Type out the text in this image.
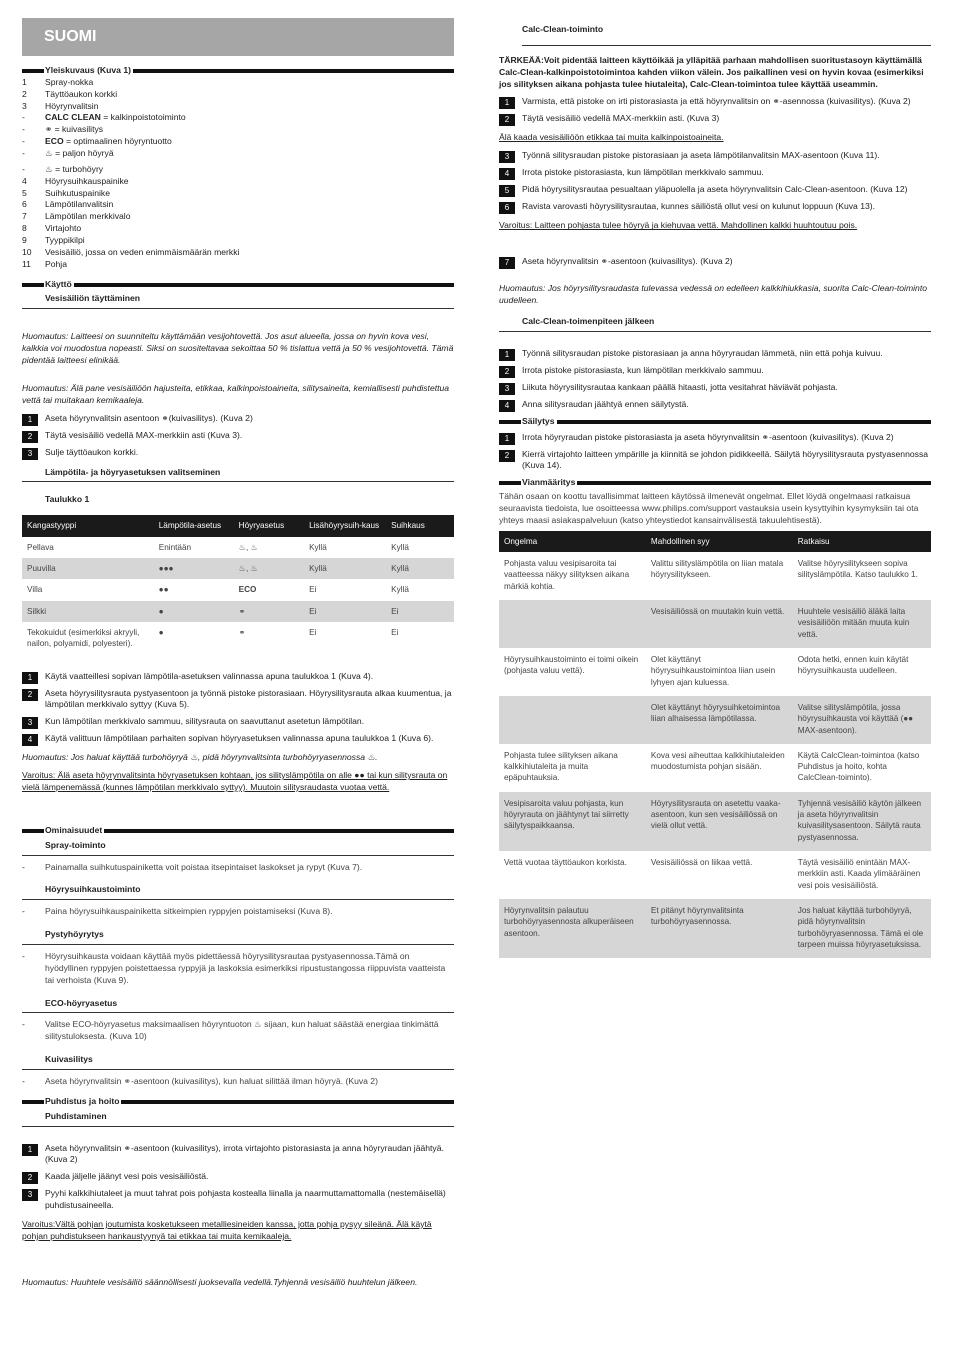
SUOMI
Yleiskuvaus (Kuva 1)
1	Spray-nokka
2	Täyttöaukon korkki
3	Höyrynvalitsin
-	CALC CLEAN = kalkinpoistotoiminto
-	⚭ = kuivasilitys
-	ECO = optimaalinen höyryntuotto
-	♨ = paljon höyryä
-	♨ = turbohöyry
4	Höyrysuihkauspainike
5	Suihkutuspainike
6	Lämpötilanvalitsin
7	Lämpötilan merkkivalo
8	Virtajohto
9	Tyyppikilpi
10	Vesisäiliö, jossa on veden enimmäismäärän merkki
11	Pohja
Käyttö
Vesisäiliön täyttäminen

Huomautus: Laitteesi on suunniteltu käyttämään vesijohtovettä. Jos asut alueella, jossa on hyvin kova vesi, kalkkia voi muodostua nopeasti. Siksi on suositeltavaa sekoittaa 50 % tislattua vettä ja 50 % vesijohtovettä. Tämä pidentää laitteesi elinikää.

Huomautus: Älä pane vesisäiliöön hajusteita, etikkaa, kalkinpoistoaineita, silitysaineita, kemiallisesti puhdistettua vettä tai muitakaan kemikaaleja.

1	Aseta höyrynvalitsin asentoon ⚭(kuivasilitys). (Kuva 2)
2	Täytä vesisäiliö vedellä MAX-merkkiin asti (Kuva 3).
3	Sulje täyttöaukon korkki.
Lämpötila- ja höyryasetuksen valitseminen
Taulukko 1
Kangastyyppi	Lämpötila-asetus	Höyryasetus	Lisähöyrysuih-kaus	Suihkaus
Pellava	Enintään	♨, ♨	Kyllä	Kyllä
Puuvilla	●●●	♨, ♨	Kyllä	Kyllä
Villa	●●	ECO	Ei	Kyllä
Silkki	●	⚭	Ei	Ei
Tekokuidut (esimerkiksi akryyli, nailon, polyamidi, polyesteri).	●	⚭	Ei	Ei
1	Käytä vaatteillesi sopivan lämpötila-asetuksen valinnassa apuna taulukkoa 1 (Kuva 4).
2	Aseta höyrysilitysrauta pystyasentoon ja työnnä pistoke pistorasiaan. Höyrysilitysrauta alkaa kuumentua, ja lämpötilan merkkivalo syttyy (Kuva 5).
3	Kun lämpötilan merkkivalo sammuu, silitysrauta on saavuttanut asetetun lämpötilan.
4	Käytä valittuun lämpötilaan parhaiten sopivan höyryasetuksen valinnassa apuna taulukkoa 1 (Kuva 6).

Huomautus: Jos haluat käyttää turbohöyryä ♨, pidä höyrynvalitsinta turbohöyryasennossa ♨.

Varoitus: Älä aseta höyrynvalitsinta höyryasetuksen kohtaan, jos silityslämpötila on alle ●● tai kun silitysrauta on vielä lämpenemässä (kunnes lämpötilan merkkivalo syttyy). Muutoin silitysraudasta vuotaa vettä.

Ominaisuudet
Spray-toiminto
-	Painamalla suihkutuspainiketta voit poistaa itsepintaiset laskokset ja rypyt (Kuva 7).
Höyrysuihkaustoiminto
-	Paina höyrysuihkauspainiketta sitkeimpien ryppyjen poistamiseksi (Kuva 8).
Pystyhöyrytys
-	Höyrysuihkausta voidaan käyttää myös pidettäessä höyrysilitysrautaa pystyasennossa.Tämä on hyödyllinen ryppyjen poistettaessa ryppyjä ja laskoksia esimerkiksi ripustustangossa riippuvista vaatteista tai verhoista (Kuva 9).
ECO-höyryasetus
-	Valitse ECO-höyryasetus maksimaalisen höyryntuoton ♨ sijaan, kun haluat säästää energiaa tinkimättä silitystuloksesta. (Kuva 10)
Kuivasilitys
-	Aseta höyrynvalitsin ⚭-asentoon (kuivasilitys), kun haluat silittää ilman höyryä. (Kuva 2)
Puhdistus ja hoito
Puhdistaminen
1	Aseta höyrynvalitsin ⚭-asentoon (kuivasilitys), irrota virtajohto pistorasiasta ja anna höyryraudan jäähtyä. (Kuva 2)
2	Kaada jäljelle jäänyt vesi pois vesisäiliöstä.
3	Pyyhi kalkkihiutaleet ja muut tahrat pois pohjasta kostealla liinalla ja naarmuttamattomalla (nestemäisellä) puhdistusaineella.

Varoitus:Vältä pohjan joutumista kosketukseen metalliesineiden kanssa, jotta pohja pysyy sileänä. Älä käytä pohjan puhdistukseen hankaustyynyä tai etikkaa tai muita kemikaaleja.

Huomautus: Huuhtele vesisäiliö säännöllisesti juoksevalla vedellä.Tyhjennä vesisäiliö huuhtelun jälkeen.

Calc-Clean-toiminto

TÄRKEÄÄ:Voit pidentää laitteen käyttöikää ja ylläpitää parhaan mahdollisen suoritustasoyn käyttämällä Calc-Clean-kalkinpoistotoimintoa kahden viikon välein. Jos paikallinen vesi on hyvin kovaa (esimerkiksi jos silityksen aikana pohjasta tulee hiutaleita), Calc-Clean-toimintoa tulee käyttää useammin.

1	Varmista, että pistoke on irti pistorasiasta ja että höyrynvalitsin on ⚭-asennossa (kuivasilitys). (Kuva 2)
2	Täytä vesisäiliö vedellä MAX-merkkiin asti. (Kuva 3)

Älä kaada vesisäiliöön etikkaa tai muita kalkinpoistoaineita.

3	Työnnä silitysraudan pistoke pistorasiaan ja aseta lämpötilanvalitsin MAX-asentoon (Kuva 11).
4	Irrota pistoke pistorasiasta, kun lämpötilan merkkivalo sammuu.
5	Pidä höyrysilitysrautaa pesualtaan yläpuolella ja aseta höyrynvalitsin Calc-Clean-asentoon. (Kuva 12)
6	Ravista varovasti höyrysilitysrautaa, kunnes säiliöstä ollut vesi on kulunut loppuun (Kuva 13).

Varoitus: Laitteen pohjasta tulee höyryä ja kiehuvaa vettä. Mahdollinen kalkki huuhtoutuu pois.

7	Aseta höyrynvalitsin ⚭-asentoon (kuivasilitys). (Kuva 2)

Huomautus: Jos höyrysilitysraudasta tulevassa vedessä on edelleen kalkkihiukkasia, suorita Calc-Clean-toiminto uudelleen.

Calc-Clean-toimenpiteen jälkeen
1	Työnnä silitysraudan pistoke pistorasiaan ja anna höyryraudan lämmetä, niin että pohja kuivuu.
2	Irrota pistoke pistorasiasta, kun lämpötilan merkkivalo sammuu.
3	Liikuta höyrysilitysrautaa kankaan päällä hitaasti, jotta vesitahrat häviävät pohjasta.
4	Anna silitysraudan jäähtyä ennen säilytystä.
Säilytys
1	Irrota höyryraudan pistoke pistorasiasta ja aseta höyrynvalitsin ⚭-asentoon (kuivasilitys). (Kuva 2)
2	Kierrä virtajohto laitteen ympärille ja kiinnitä se johdon pidikkeellä. Säilytä höyrysilitysrauta pystyasennossa (Kuva 14).
Vianmääritys

Tähän osaan on koottu tavallisimmat laitteen käytössä ilmenevät ongelmat. Ellet löydä ongelmaasi ratkaisua seuraavista tiedoista, lue osoitteessa www.philips.com/support vastauksia usein kysyttyihin kysymyksiin tai ota yhteys maasi asiakaspalveluun (katso yhteystiedot kansainvälisestä takuulehtisestä).

Ongelma	Mahdollinen syy	Ratkaisu
Pohjasta valuu vesipisaroita tai vaatteessa näkyy silityksen aikana märkiä kohtia.	Valittu silityslämpötila on liian matala höyrysilitykseen.	Valitse höyrysilitykseen sopiva silityslämpötila. Katso taulukko 1.
	Vesisäiliössä on muutakin kuin vettä.	Huuhtele vesisäiliö äläkä laita vesisäiliöön mitään muuta kuin vettä.
Höyrysuihkaustoiminto ei toimi oikein (pohjasta valuu vettä).	Olet käyttänyt höyrysuihkaustoimintoa liian usein lyhyen ajan kuluessa.	Odota hetki, ennen kuin käytät höyrysuihkausta uudelleen.
	Olet käyttänyt höyrysuihketoimintoa liian alhaisessa lämpötilassa.	Valitse silityslämpötila, jossa höyrysuihkausta voi käyttää (●● MAX-asentoon).
Pohjasta tulee silityksen aikana kalkkihiutaleita ja muita epäpuhtauksia.	Kova vesi aiheuttaa kalkkihiutaleiden muodostumista pohjan sisään.	Käytä CalcClean-toimintoa (katso Puhdistus ja hoito, kohta CalcClean-toiminto).
Vesipisaroita valuu pohjasta, kun höyryrauta on jäähtynyt tai siirretty säilytyspaikkaansa.	Höyrysilitysrauta on asetettu vaaka-asentoon, kun sen vesisäiliössä on vielä ollut vettä.	Tyhjennä vesisäiliö käytön jälkeen ja aseta höyrynvalitsin kuivasilitysasentoon. Säilytä rauta pystyasennossa.
Vettä vuotaa täyttöaukon korkista.	Vesisäiliössä on liikaa vettä.	Täytä vesisäiliö enintään MAX-merkkiin asti. Kaada ylimääräinen vesi pois vesisäiliöstä.
Höyrynvalitsin palautuu turbohöyryasennosta alkuperäiseen asentoon.	Et pitänyt höyrynvalitsinta turbohöyryasennossa.	Jos haluat käyttää turbohöyryä, pidä höyrynvalitsin turbohöyryasennossa. Tämä ei ole tarpeen muissa höyryasetuksissa.
